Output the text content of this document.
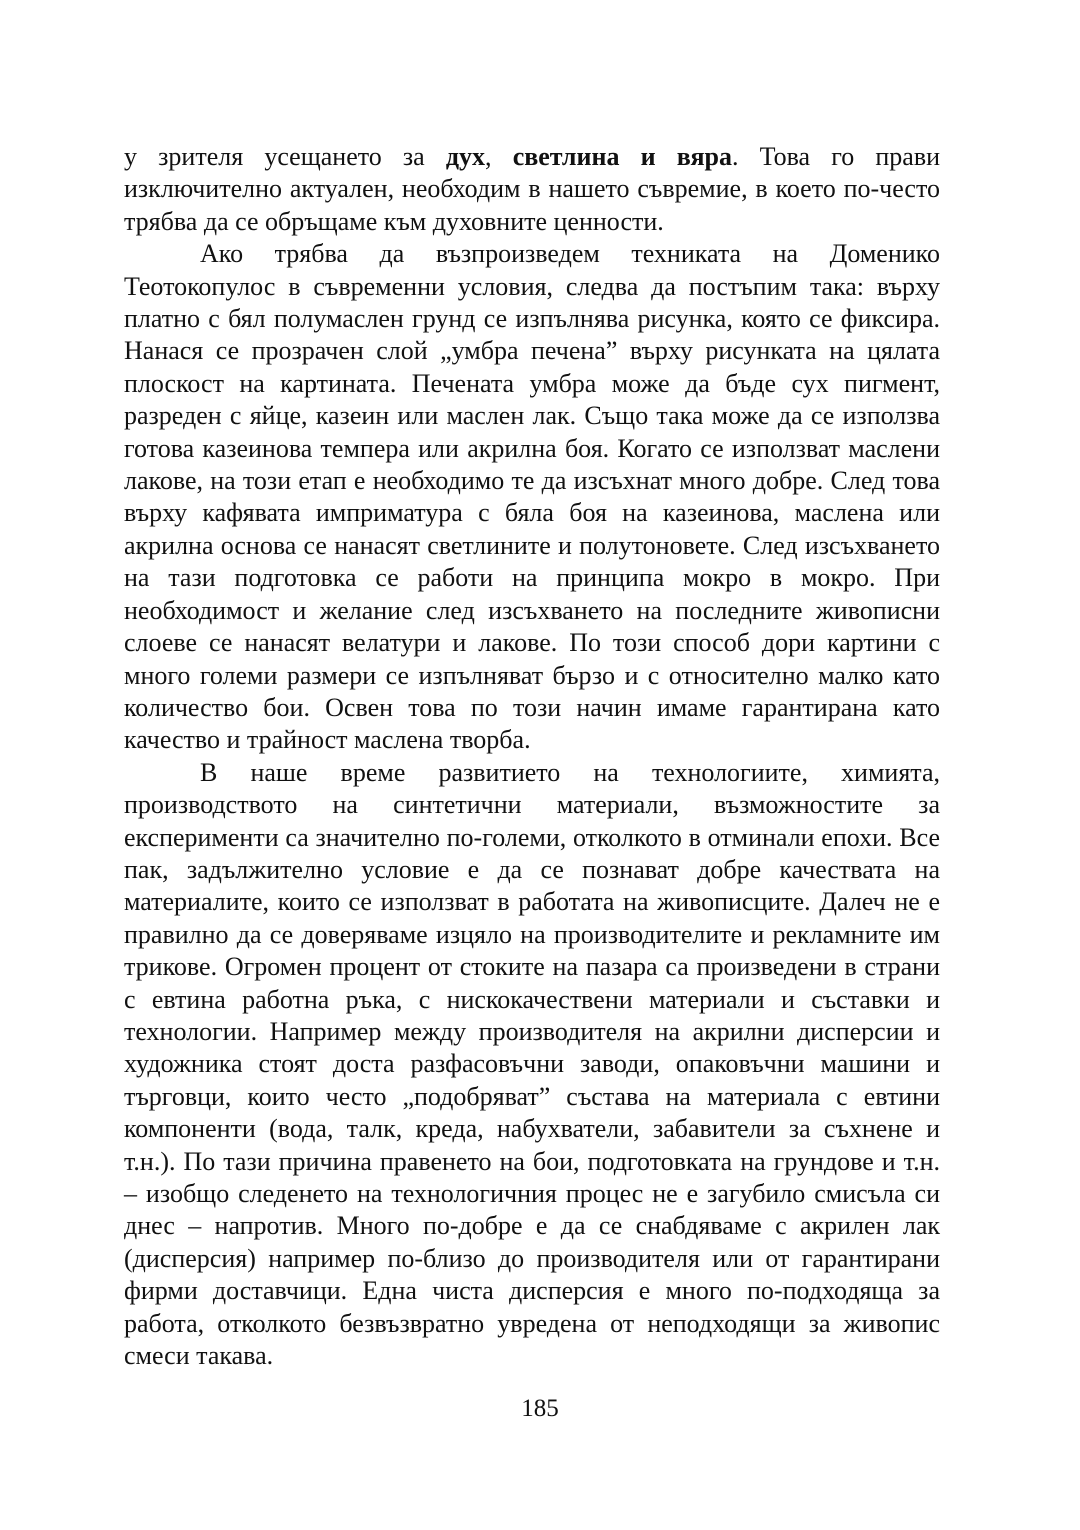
у зрителя усещането за дух, светлина и вяра. Това го прави изключително актуален, необходим в нашето съвремие, в което по-често трябва да се обръщаме към духовните ценности.

Ако трябва да възпроизведем техниката на Доменико Теотокопулос в съвременни условия, следва да постъпим така: върху платно с бял полумаслен грунд се изпълнява рисунка, която се фиксира. Нанася се прозрачен слой „умбра печена” върху рисунката на цялата плоскост на картината. Печената умбра може да бъде сух пигмент, разреден с яйце, казеин или маслен лак. Също така може да се използва готова казеинова темпера или акрилна боя. Когато се използват маслени лакове, на този етап е необходимо те да изсъхнат много добре. След това върху кафявата имприматура с бяла боя на казеинова, маслена или акрилна основа се нанасят светлините и полутоновете. След изсъхването на тази подготовка се работи на принципа мокро в мокро. При необходимост и желание след изсъхването на последните живописни слоеве се нанасят велатури и лакове. По този способ дори картини с много големи размери се изпълняват бързо и с относително малко като количество бои. Освен това по този начин имаме гарантирана като качество и трайност маслена творба.

В наше време развитието на технологиите, химията, производството на синтетични материали, възможностите за експерименти са значително по-големи, отколкото в отминали епохи. Все пак, задължително условие е да се познават добре качествата на материалите, които се използват в работата на живописците. Далеч не е правилно да се доверяваме изцяло на производителите и рекламните им трикове. Огромен процент от стоките на пазара са произведени в страни с евтина работна ръка, с нискокачествени материали и съставки и технологии. Например между производителя на акрилни дисперсии и художника стоят доста разфасовъчни заводи, опаковъчни машини и търговци, които често „подобряват” състава на материала с евтини компоненти (вода, талк, креда, набухватели, забавители за съхнене и т.н.). По тази причина правенето на бои, подготовката на грундове и т.н. – изобщо следенето на технологичния процес не е загубило смисъла си днес – напротив. Много по-добре е да се снабдяваме с акрилен лак (дисперсия) например по-близо до производителя или от гарантирани фирми доставчици. Една чиста дисперсия е много по-подходяща за работа, отколкото безвъзвратно увредена от неподходящи за живопис смеси такава.

185
